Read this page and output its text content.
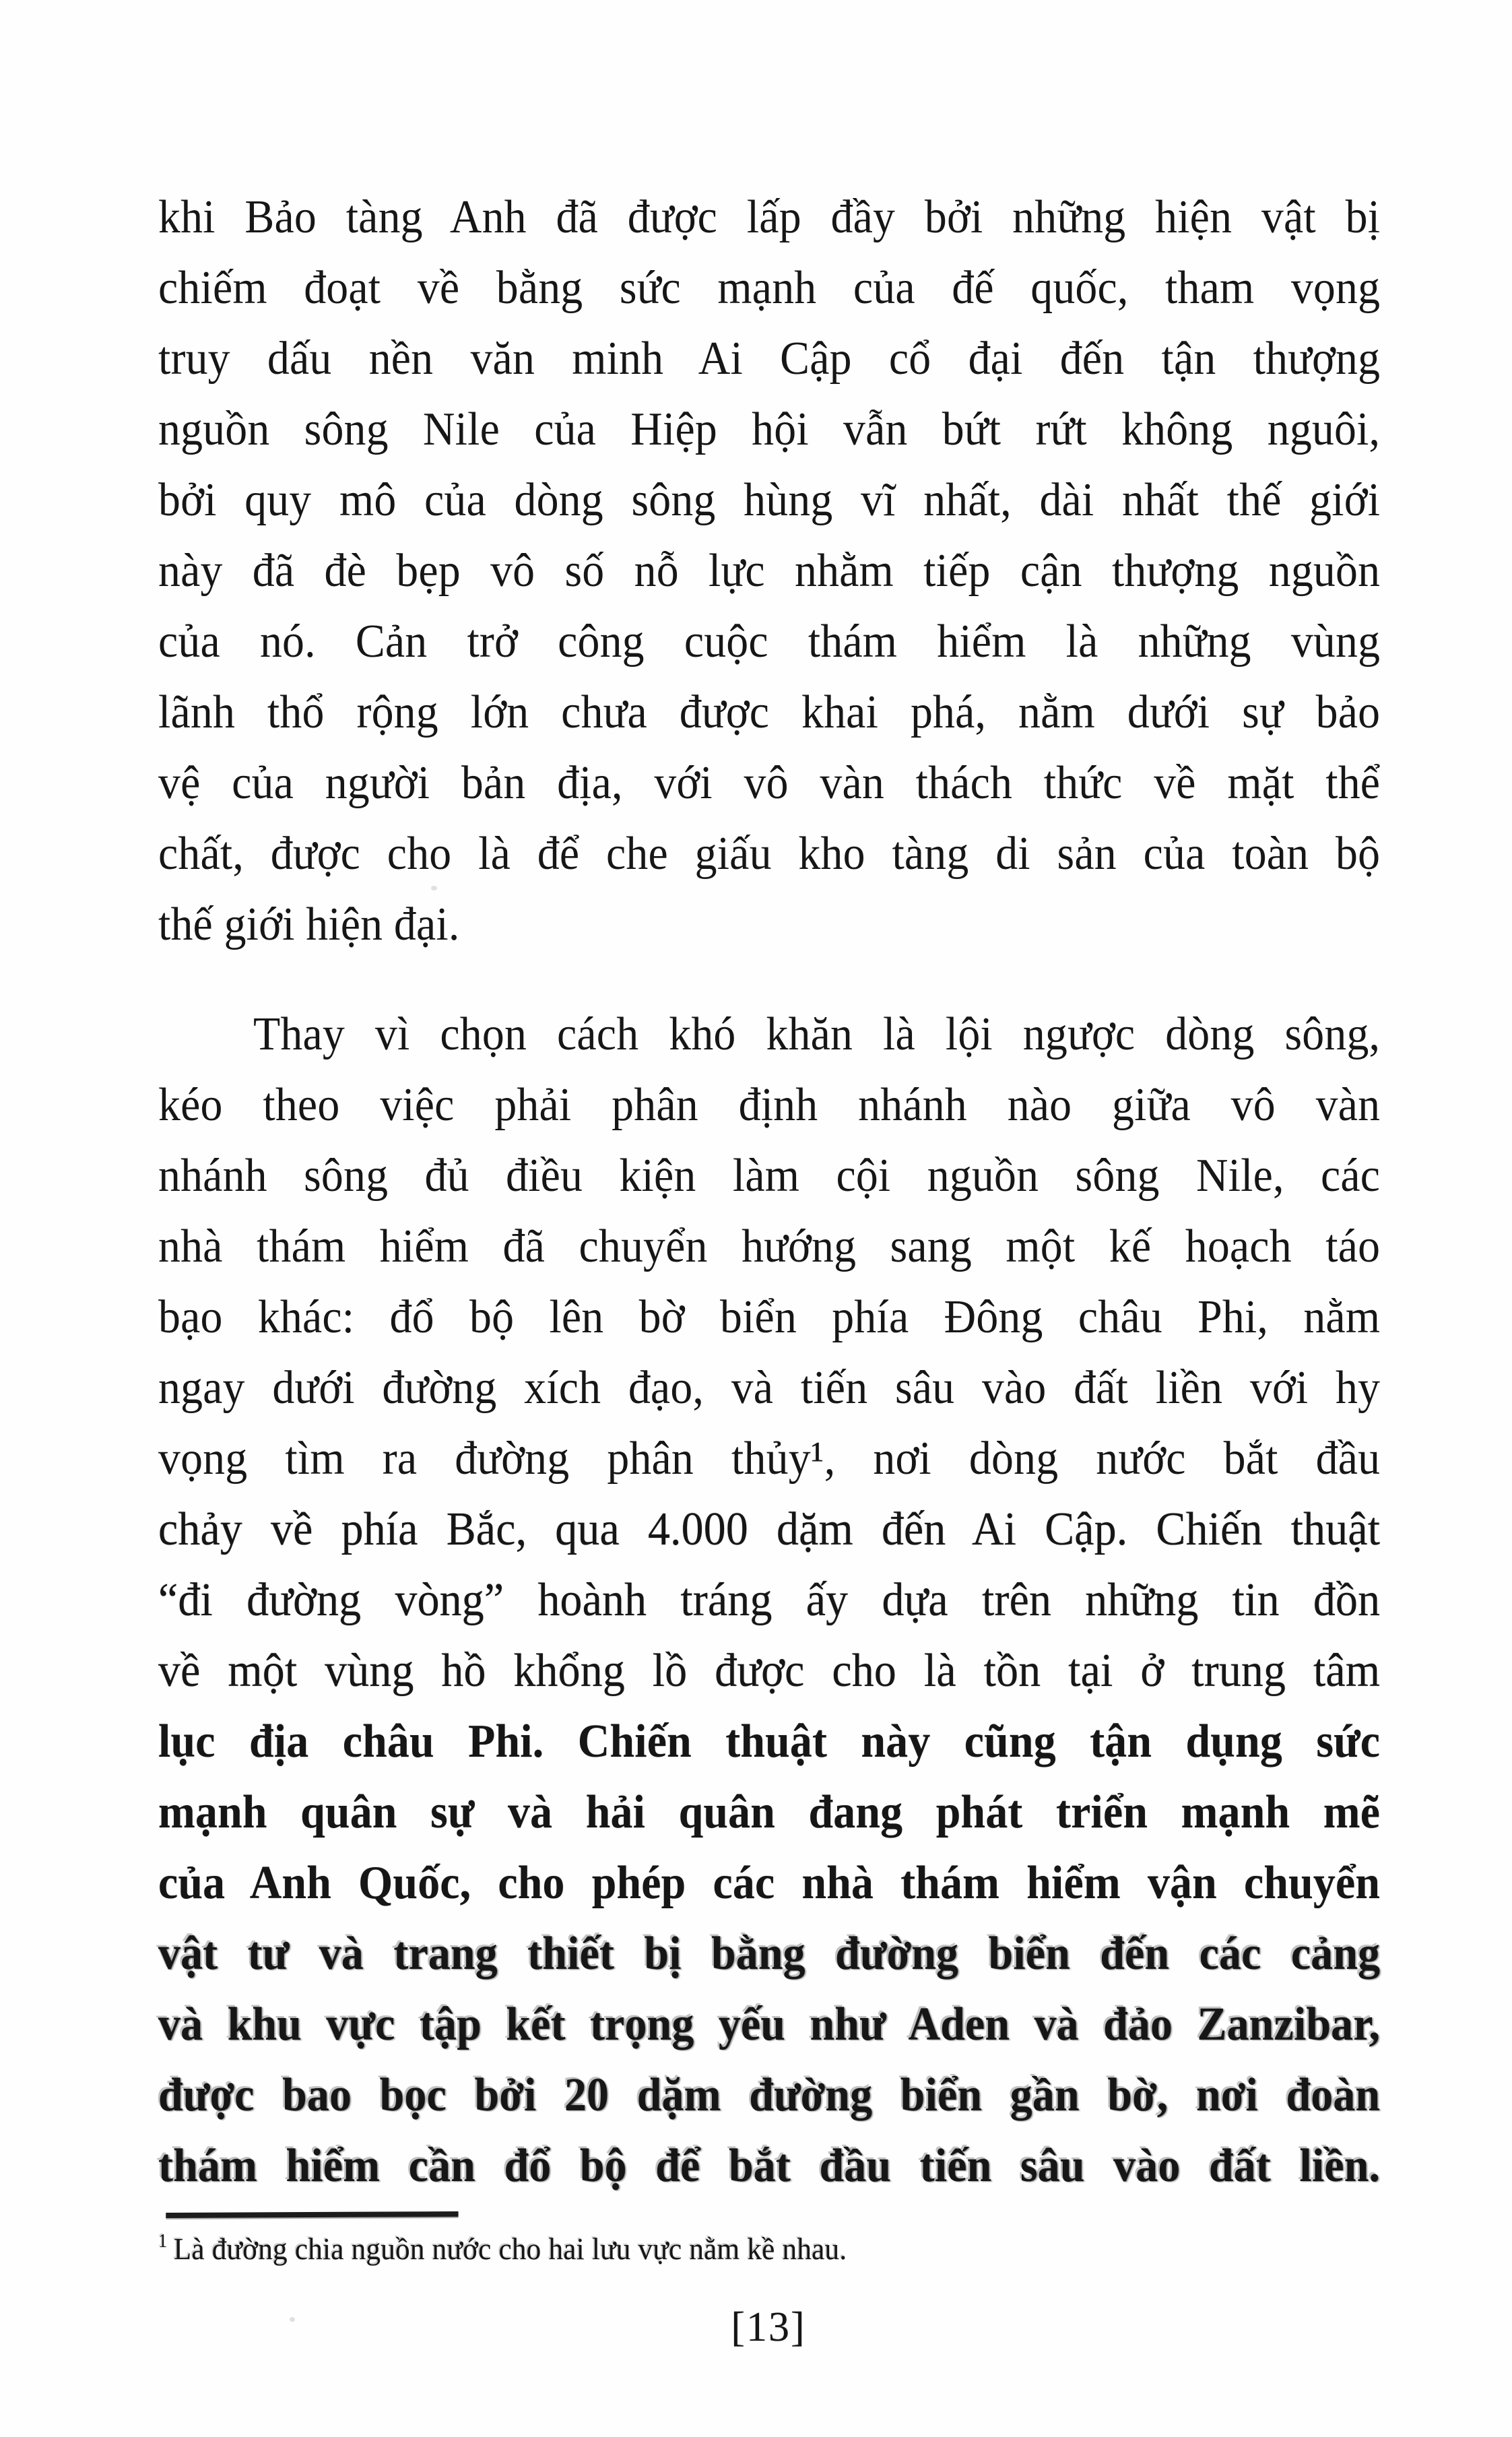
khi Bảo tàng Anh đã được lấp đầy bởi những hiện vật bị
chiếm đoạt về bằng sức mạnh của đế quốc, tham vọng
truy dấu nền văn minh Ai Cập cổ đại đến tận thượng
nguồn sông Nile của Hiệp hội vẫn bứt rứt không nguôi,
bởi quy mô của dòng sông hùng vĩ nhất, dài nhất thế giới
này đã đè bẹp vô số nỗ lực nhằm tiếp cận thượng nguồn
của nó. Cản trở công cuộc thám hiểm là những vùng
lãnh thổ rộng lớn chưa được khai phá, nằm dưới sự bảo
vệ của người bản địa, với vô vàn thách thức về mặt thể
chất, được cho là để che giấu kho tàng di sản của toàn bộ
thế giới hiện đại.
Thay vì chọn cách khó khăn là lội ngược dòng sông,
kéo theo việc phải phân định nhánh nào giữa vô vàn
nhánh sông đủ điều kiện làm cội nguồn sông Nile, các
nhà thám hiểm đã chuyển hướng sang một kế hoạch táo
bạo khác: đổ bộ lên bờ biển phía Đông châu Phi, nằm
ngay dưới đường xích đạo, và tiến sâu vào đất liền với hy
vọng tìm ra đường phân thủy¹, nơi dòng nước bắt đầu
chảy về phía Bắc, qua 4.000 dặm đến Ai Cập. Chiến thuật
“đi đường vòng” hoành tráng ấy dựa trên những tin đồn
về một vùng hồ khổng lồ được cho là tồn tại ở trung tâm
lục địa châu Phi. Chiến thuật này cũng tận dụng sức
mạnh quân sự và hải quân đang phát triển mạnh mẽ
của Anh Quốc, cho phép các nhà thám hiểm vận chuyển
vật tư và trang thiết bị bằng đường biển đến các cảng
và khu vực tập kết trọng yếu như Aden và đảo Zanzibar,
được bao bọc bởi 20 dặm đường biển gần bờ, nơi đoàn
thám hiểm cần đổ bộ để bắt đầu tiến sâu vào đất liền.
$^1$ Là đường chia nguồn nước cho hai lưu vực nằm kề nhau.
[13]
